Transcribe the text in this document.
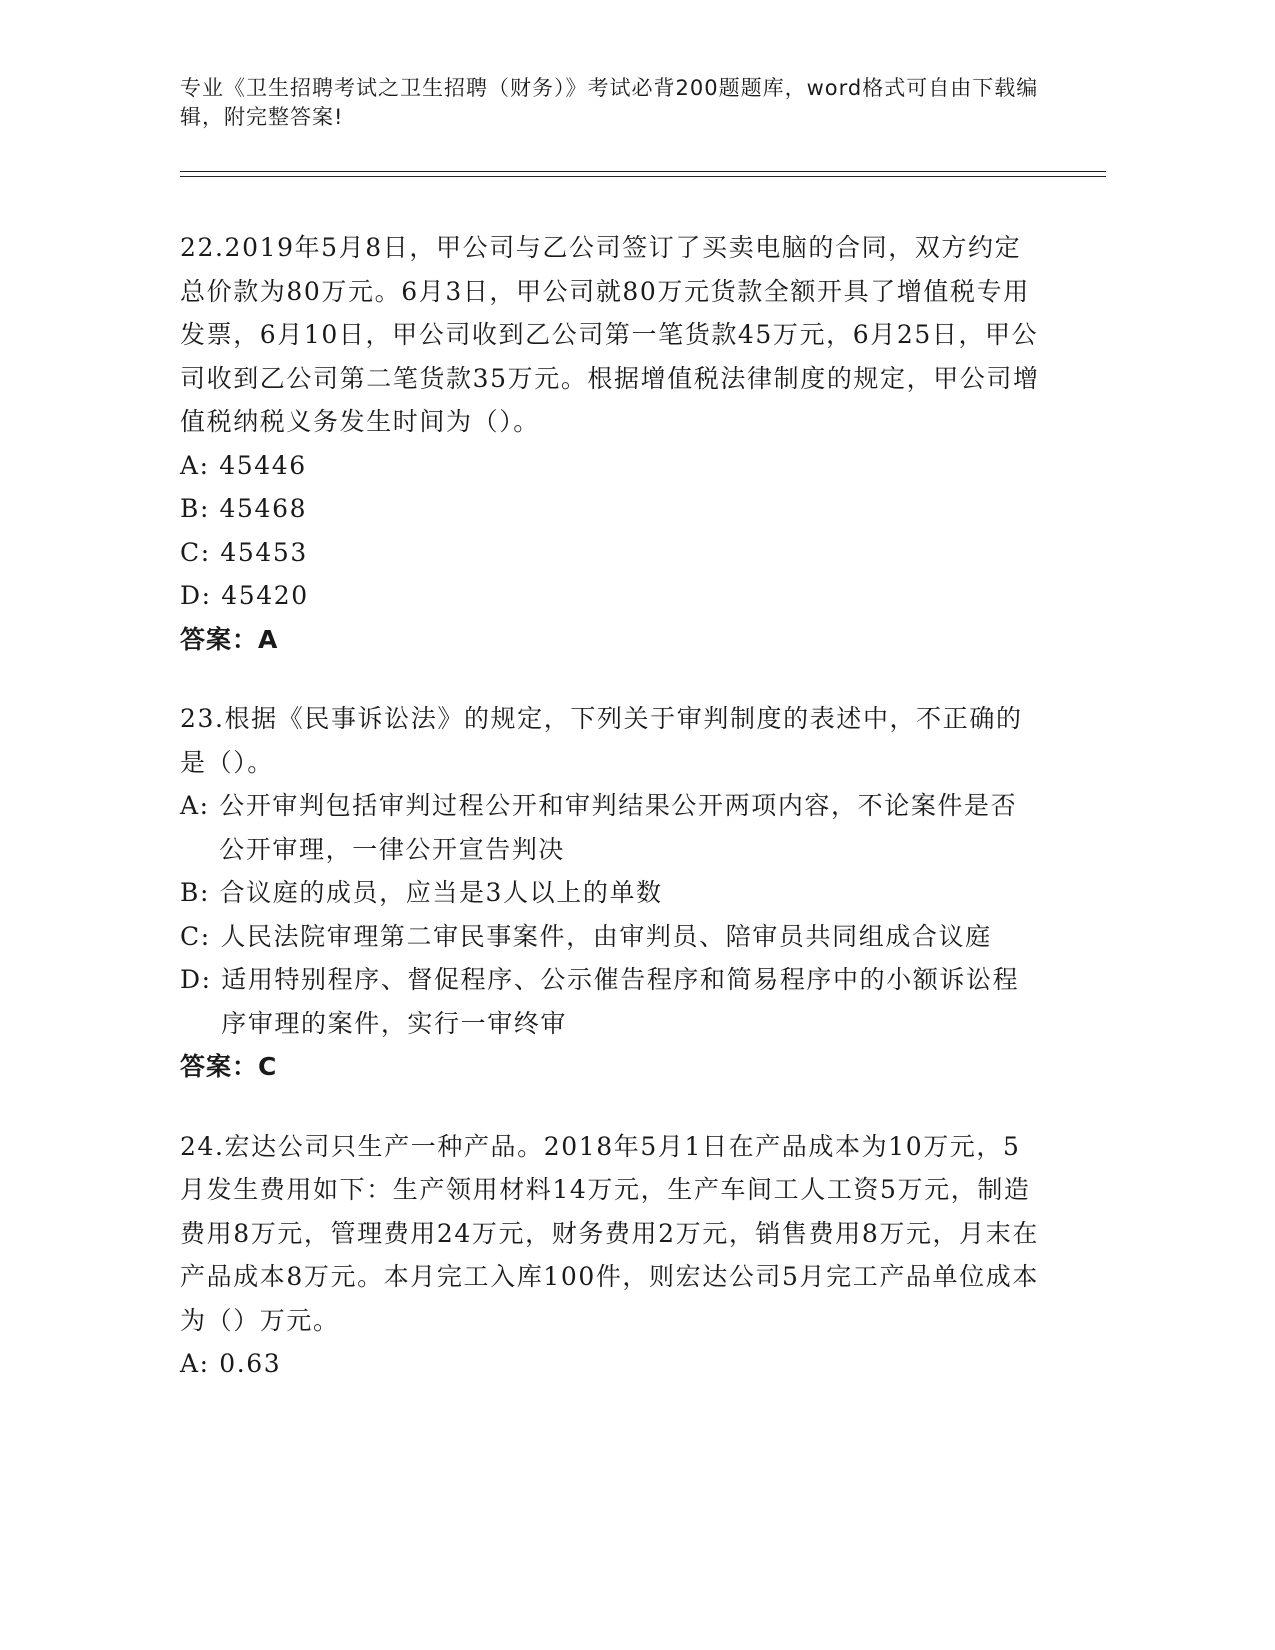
专业《卫生招聘考试之卫生招聘（财务）》考试必背200题题库，word格式可自由下载编辑，附完整答案!

22.2019年5月8日，甲公司与乙公司签订了买卖电脑的合同，双方约定总价款为80万元。6月3日，甲公司就80万元货款全额开具了增值税专用发票，6月10日，甲公司收到乙公司第一笔货款45万元，6月25日，甲公司收到乙公司第二笔货款35万元。根据增值税法律制度的规定，甲公司增值税纳税义务发生时间为（）。

A: 45446
B: 45468
C: 45453
D: 45420

答案：A

23.根据《民事诉讼法》的规定，下列关于审判制度的表述中，不正确的是（）。

A: 公开审判包括审判过程公开和审判结果公开两项内容，不论案件是否公开审理，一律公开宣告判决
B: 合议庭的成员，应当是3人以上的单数
C: 人民法院审理第二审民事案件，由审判员、陪审员共同组成合议庭
D: 适用特别程序、督促程序、公示催告程序和简易程序中的小额诉讼程序审理的案件，实行一审终审

答案：C

24.宏达公司只生产一种产品。2018年5月1日在产品成本为10万元，5月发生费用如下：生产领用材料14万元，生产车间工人工资5万元，制造费用8万元，管理费用24万元，财务费用2万元，销售费用8万元，月末在产品成本8万元。本月完工入库100件，则宏达公司5月完工产品单位成本为（）万元。

A: 0.63
